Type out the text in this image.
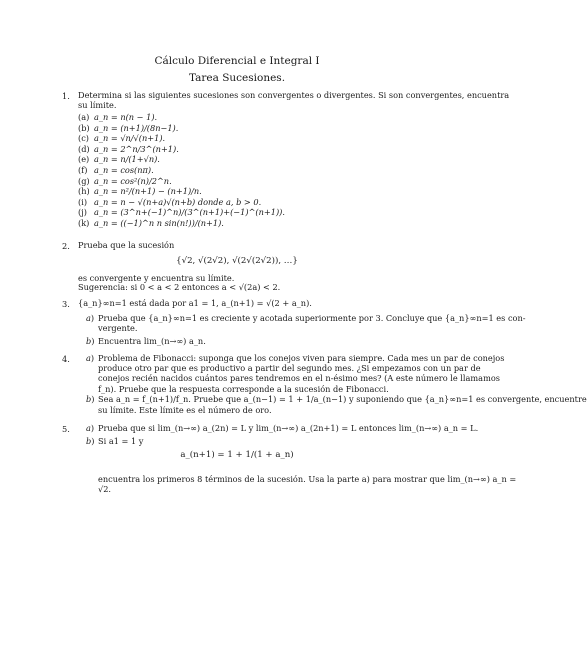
Cálculo Diferencial e Integral I
Tarea Sucesiones.
1. Determina si las siguientes sucesiones son convergentes o divergentes. Si son convergentes, encuentra
su límite.
(a) a_n = n(n − 1).
(b) a_n = (n+1)/(8n−1).
(c) a_n = √n/√(n+1).
(d) a_n = 2^n/3^(n+1).
(e) a_n = n/(1+√n).
(f) a_n = cos(nπ).
(g) a_n = cos²(n)/2^n.
(h) a_n = n²/(n+1) − (n+1)/n.
(i) a_n = n − √(n+a)√(n+b) donde a, b > 0.
(j) a_n = (3^n+(−1)^n)/(3^(n+1)+(−1)^(n+1)).
(k) a_n = ((−1)^n n sin(n!))/(n+1).
2. Prueba que la sucesión
{√2, √(2√2), √(2√(2√2)), …}
es convergente y encuentra su límite.
Sugerencia: si 0 < a < 2 entonces a < √(2a) < 2.
3. {a_n}∞n=1 está dada por a1 = 1, a_(n+1) = √(2 + a_n).
a) Prueba que {a_n}∞n=1 es creciente y acotada superiormente por 3. Concluye que {a_n}∞n=1 es con-
vergente.
b) Encuentra lim_(n→∞) a_n.
4. a) Problema de Fibonacci: suponga que los conejos viven para siempre. Cada mes un par de conejos
produce otro par que es productivo a partir del segundo mes. ¿Si empezamos con un par de
conejos recién nacidos cuántos pares tendremos en el n-ésimo mes? (A este número le llamamos
f_n). Pruebe que la respuesta corresponde a la sucesión de Fibonacci.
b) Sea a_n = f_(n+1)/f_n. Pruebe que a_(n−1) = 1 + 1/a_(n−1) y suponiendo que {a_n}∞n=1 es convergente, encuentre
su límite. Este límite es el número de oro.
5. a) Prueba que si lim_(n→∞) a_(2n) = L y lim_(n→∞) a_(2n+1) = L entonces lim_(n→∞) a_n = L.
b) Si a1 = 1 y
a_(n+1) = 1 + 1/(1 + a_n)
encuentra los primeros 8 términos de la sucesión. Usa la parte a) para mostrar que lim_(n→∞) a_n =
√2.
